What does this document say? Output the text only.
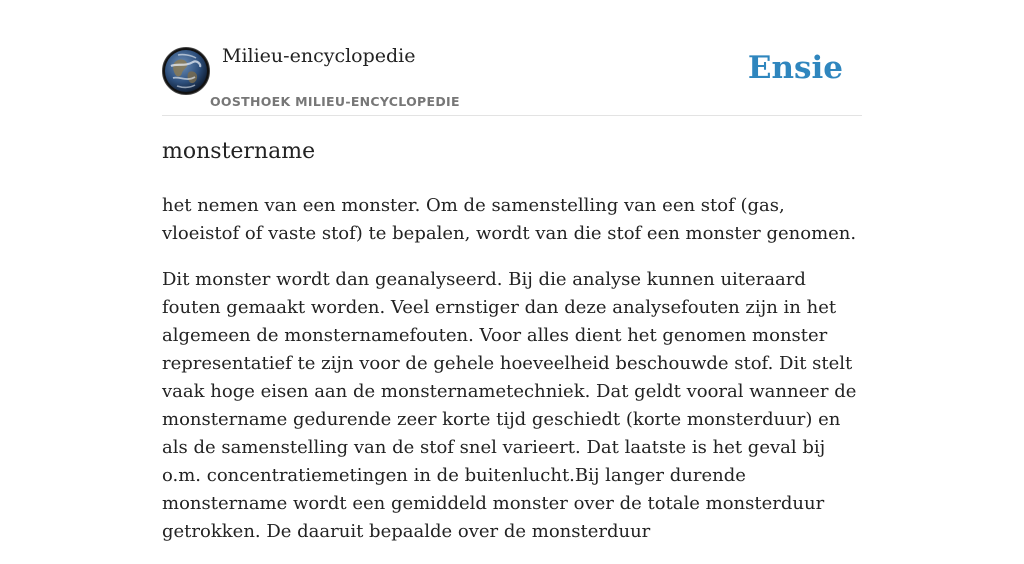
Milieu-encyclopedie
OOSTHOEK MILIEU-ENCYCLOPEDIE
Ensie
monstername

het nemen van een monster. Om de samenstelling van een stof (gas, vloeistof of vaste stof) te bepalen, wordt van die stof een monster genomen.

Dit monster wordt dan geanalyseerd. Bij die analyse kunnen uiteraard fouten gemaakt worden. Veel ernstiger dan deze analysefouten zijn in het algemeen de monsternamefouten. Voor alles dient het genomen monster representatief te zijn voor de gehele hoeveelheid beschouwde stof. Dit stelt vaak hoge eisen aan de monsternametechniek. Dat geldt vooral wanneer de monstername gedurende zeer korte tijd geschiedt (korte monsterduur) en als de samenstelling van de stof snel varieert. Dat laatste is het geval bij o.m. concentratiemetingen in de buitenlucht.Bij langer durende monstername wordt een gemiddeld monster over de totale monsterduur getrokken. De daaruit bepaalde over de monsterduur
